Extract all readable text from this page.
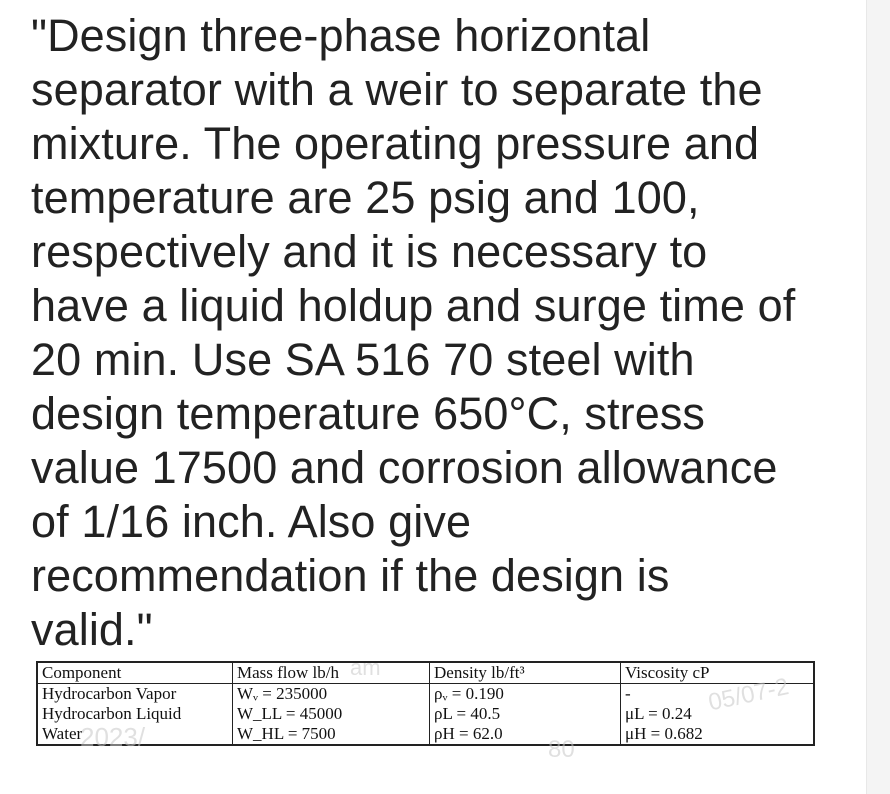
"Design three-phase horizontal
separator with a weir to separate the
mixture. The operating pressure and
temperature are 25 psig and 100,
respectively and it is necessary to
have a liquid holdup and surge time of
20 min. Use SA 516 70 steel with
design temperature 650°C, stress
value 17500 and corrosion allowance
of 1/16 inch. Also give
recommendation if the design is
valid."
Component	Mass flow lb/h	Density lb/ft³	Viscosity cP
Hydrocarbon Vapor	Wᵥ = 235000	ρᵥ = 0.190	-
Hydrocarbon Liquid	W_LL = 45000	ρL = 40.5	μL = 0.24
Water	W_HL = 7500	ρH = 62.0	μH = 0.682
am
2023/	80
05/07-2
